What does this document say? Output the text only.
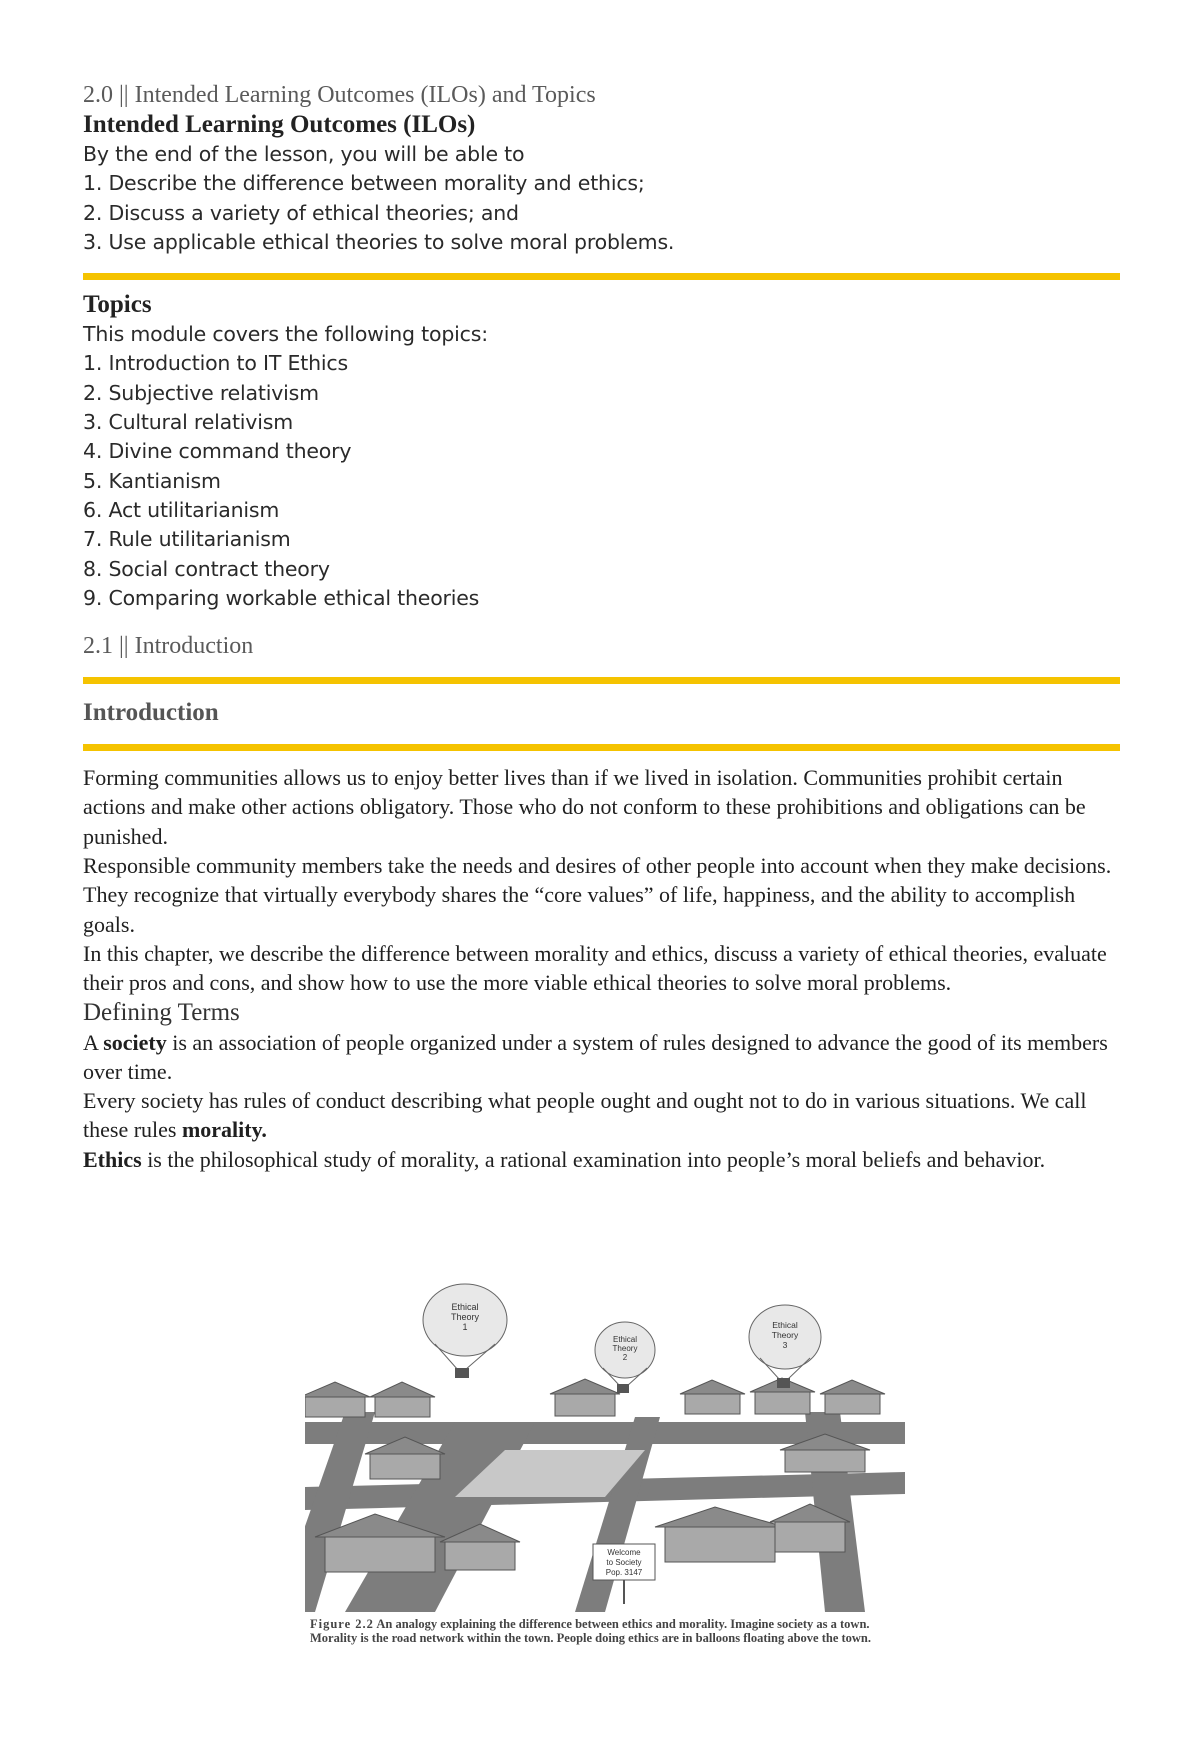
2.0 || Intended Learning Outcomes (ILOs) and Topics

Intended Learning Outcomes (ILOs)

By the end of the lesson, you will be able to
1. Describe the difference between morality and ethics;
2. Discuss a variety of ethical theories; and
3. Use applicable ethical theories to solve moral problems.

Topics

This module covers the following topics:
1. Introduction to IT Ethics
2. Subjective relativism
3. Cultural relativism
4. Divine command theory
5. Kantianism
6. Act utilitarianism
7. Rule utilitarianism
8. Social contract theory
9. Comparing workable ethical theories

2.1 || Introduction

Introduction

Forming communities allows us to enjoy better lives than if we lived in isolation. Communities prohibit certain actions and make other actions obligatory. Those who do not conform to these prohibitions and obligations can be punished.

Responsible community members take the needs and desires of other people into account when they make decisions. They recognize that virtually everybody shares the “core values” of life, happiness, and the ability to accomplish goals.

In this chapter, we describe the difference between morality and ethics, discuss a variety of ethical theories, evaluate their pros and cons, and show how to use the more viable ethical theories to solve moral problems.

Defining Terms

A society is an association of people organized under a system of rules designed to advance the good of its members over time.

Every society has rules of conduct describing what people ought and ought not to do in various situations. We call these rules morality.

Ethics is the philosophical study of morality, a rational examination into people’s moral beliefs and behavior.

Ethical
Theory
1
Ethical
Theory
2
Ethical
Theory
3
Welcome
to Society
Pop. 3147
Figure 2.2 An analogy explaining the difference between ethics and morality. Imagine society as a town. Morality is the road network within the town. People doing ethics are in balloons floating above the town.
